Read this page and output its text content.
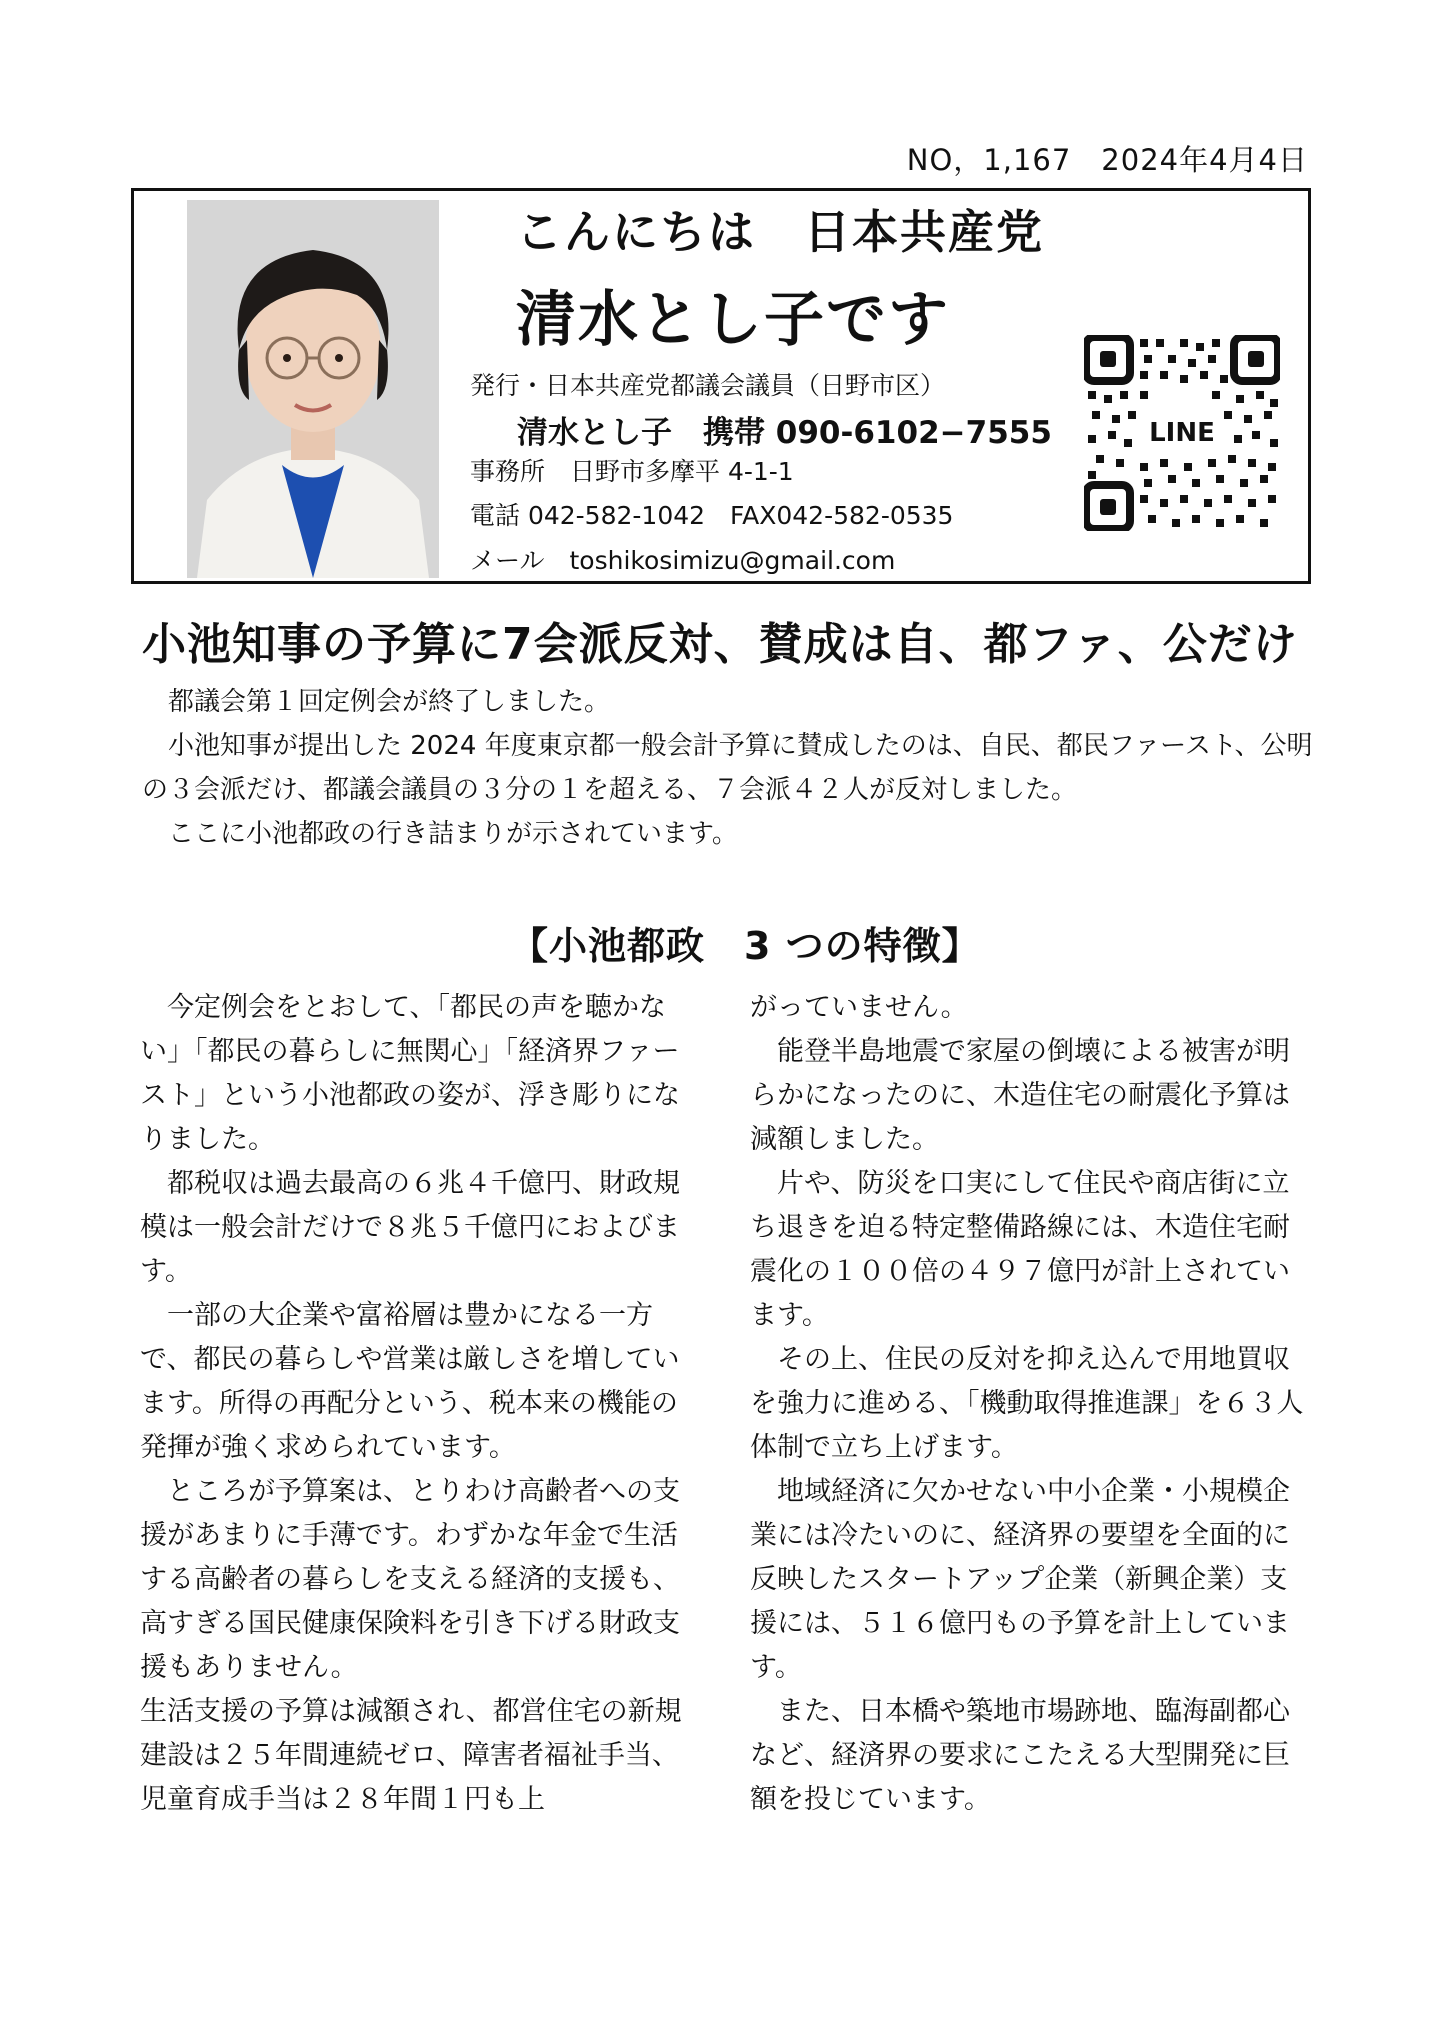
NO，1,167　2024年4月4日
こんにちは　日本共産党
清水とし子です
発行・日本共産党都議会議員（日野市区）
清水とし子　携帯 090-6102−7555
事務所　日野市多摩平 4-1-1
電話 042-582-1042　FAX042-582-0535
メール　toshikosimizu@gmail.com
LINE
小池知事の予算に7会派反対、賛成は自、都ファ、公だけ

都議会第１回定例会が終了しました。

小池知事が提出した 2024 年度東京都一般会計予算に賛成したのは、自民、都民ファースト、公明の３会派だけ、都議会議員の３分の１を超える、７会派４２人が反対しました。

ここに小池都政の行き詰まりが示されています。

【小池都政　3 つの特徴】

今定例会をとおして、「都民の声を聴かない」「都民の暮らしに無関心」「経済界ファースト」という小池都政の姿が、浮き彫りになりました。

都税収は過去最高の６兆４千億円、財政規模は一般会計だけで８兆５千億円におよびます。

一部の大企業や富裕層は豊かになる一方で、都民の暮らしや営業は厳しさを増しています。所得の再配分という、税本来の機能の発揮が強く求められています。

ところが予算案は、とりわけ高齢者への支援があまりに手薄です。わずかな年金で生活する高齢者の暮らしを支える経済的支援も、高すぎる国民健康保険料を引き下げる財政支援もありません。

生活支援の予算は減額され、都営住宅の新規建設は２５年間連続ゼロ、障害者福祉手当、児童育成手当は２８年間１円も上

がっていません。

能登半島地震で家屋の倒壊による被害が明らかになったのに、木造住宅の耐震化予算は減額しました。

片や、防災を口実にして住民や商店街に立ち退きを迫る特定整備路線には、木造住宅耐震化の１００倍の４９７億円が計上されています。

その上、住民の反対を抑え込んで用地買収を強力に進める、「機動取得推進課」を６３人体制で立ち上げます。

地域経済に欠かせない中小企業・小規模企業には冷たいのに、経済界の要望を全面的に反映したスタートアップ企業（新興企業）支援には、５１６億円もの予算を計上しています。

また、日本橋や築地市場跡地、臨海副都心など、経済界の要求にこたえる大型開発に巨額を投じています。
